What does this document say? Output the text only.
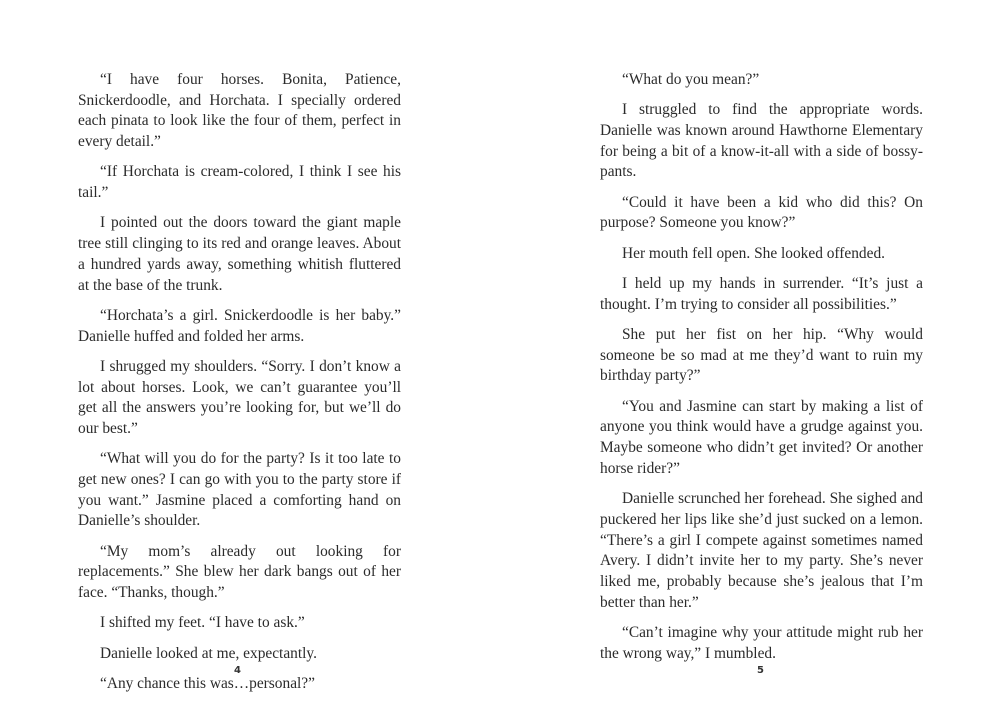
“I have four horses. Bonita, Patience, Snickerdoodle, and Horchata. I specially ordered each pinata to look like the four of them, perfect in every detail.”

“If Horchata is cream-colored, I think I see his tail.”

I pointed out the doors toward the giant maple tree still clinging to its red and orange leaves. About a hundred yards away, something whitish fluttered at the base of the trunk.

“Horchata’s a girl. Snickerdoodle is her baby.” Danielle huffed and folded her arms.

I shrugged my shoulders. “Sorry. I don’t know a lot about horses. Look, we can’t guarantee you’ll get all the answers you’re looking for, but we’ll do our best.”

“What will you do for the party? Is it too late to get new ones? I can go with you to the party store if you want.” Jasmine placed a comforting hand on Danielle’s shoulder.

“My mom’s already out looking for replacements.” She blew her dark bangs out of her face. “Thanks, though.”

I shifted my feet. “I have to ask.”

Danielle looked at me, expectantly.

“Any chance this was…personal?”

4

“What do you mean?”

I struggled to find the appropriate words. Danielle was known around Hawthorne Elementary for being a bit of a know-it-all with a side of bossy-pants.

“Could it have been a kid who did this? On purpose? Someone you know?”

Her mouth fell open. She looked offended.

I held up my hands in surrender. “It’s just a thought. I’m trying to consider all possibilities.”

She put her fist on her hip. “Why would someone be so mad at me they’d want to ruin my birthday party?”

“You and Jasmine can start by making a list of anyone you think would have a grudge against you. Maybe someone who didn’t get invited? Or another horse rider?”

Danielle scrunched her forehead. She sighed and puckered her lips like she’d just sucked on a lemon. “There’s a girl I compete against sometimes named Avery. I didn’t invite her to my party. She’s never liked me, probably because she’s jealous that I’m better than her.”

“Can’t imagine why your attitude might rub her the wrong way,” I mumbled.

5
